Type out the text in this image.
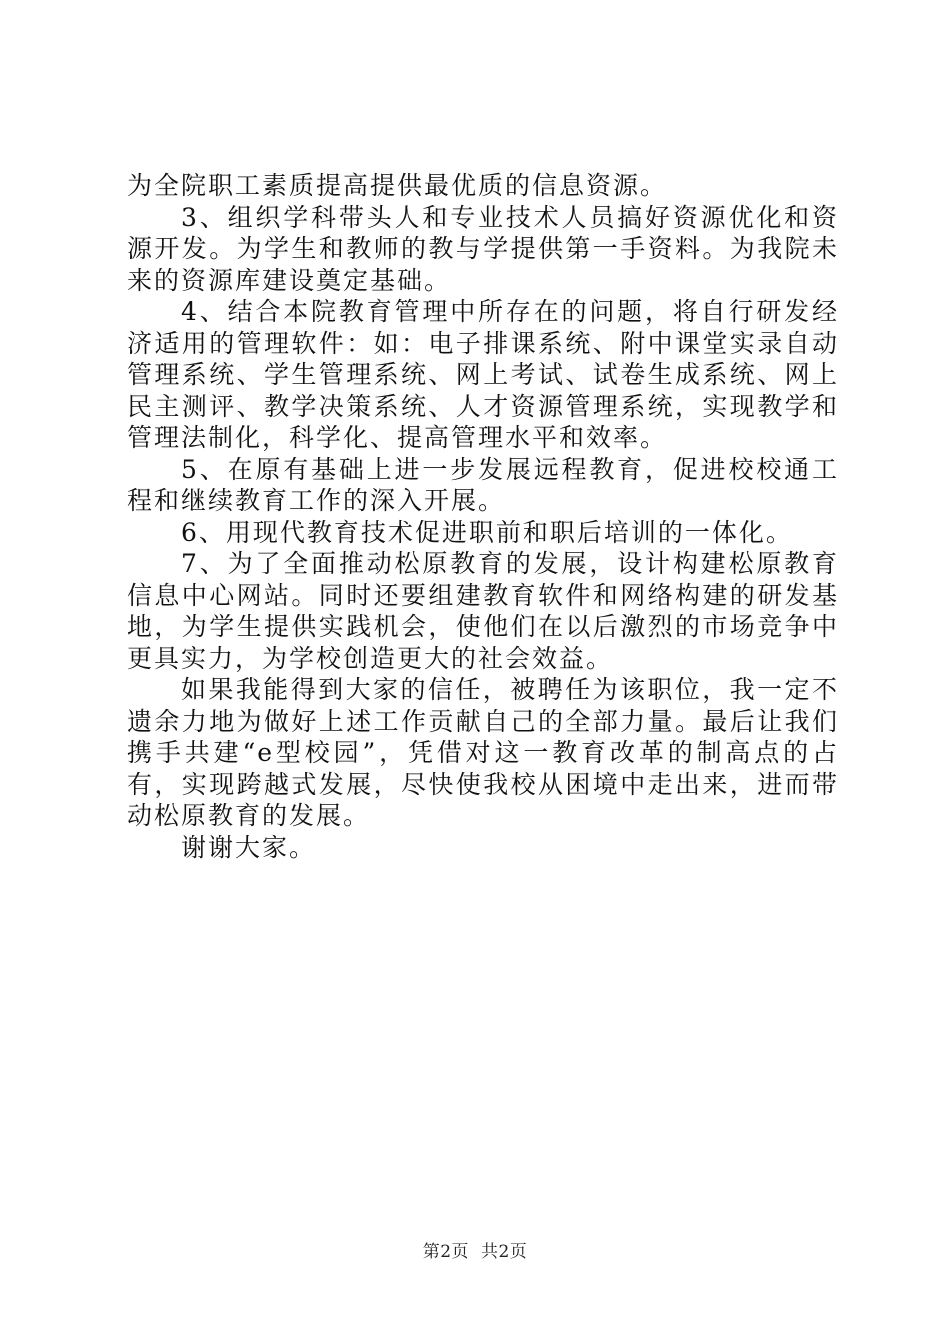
为全院职工素质提高提供最优质的信息资源。

3、组织学科带头人和专业技术人员搞好资源优化和资源开发。为学生和教师的教与学提供第一手资料。为我院未来的资源库建设奠定基础。

4、结合本院教育管理中所存在的问题，将自行研发经济适用的管理软件：如：电子排课系统、附中课堂实录自动管理系统、学生管理系统、网上考试、试卷生成系统、网上民主测评、教学决策系统、人才资源管理系统，实现教学和管理法制化，科学化、提高管理水平和效率。

5、在原有基础上进一步发展远程教育，促进校校通工程和继续教育工作的深入开展。

6、用现代教育技术促进职前和职后培训的一体化。

7、为了全面推动松原教育的发展，设计构建松原教育信息中心网站。同时还要组建教育软件和网络构建的研发基地，为学生提供实践机会，使他们在以后激烈的市场竞争中更具实力，为学校创造更大的社会效益。

如果我能得到大家的信任，被聘任为该职位，我一定不遗余力地为做好上述工作贡献自己的全部力量。最后让我们携手共建“e型校园”，凭借对这一教育改革的制高点的占有，实现跨越式发展，尽快使我校从困境中走出来，进而带动松原教育的发展。

谢谢大家。

第2页 共2页
